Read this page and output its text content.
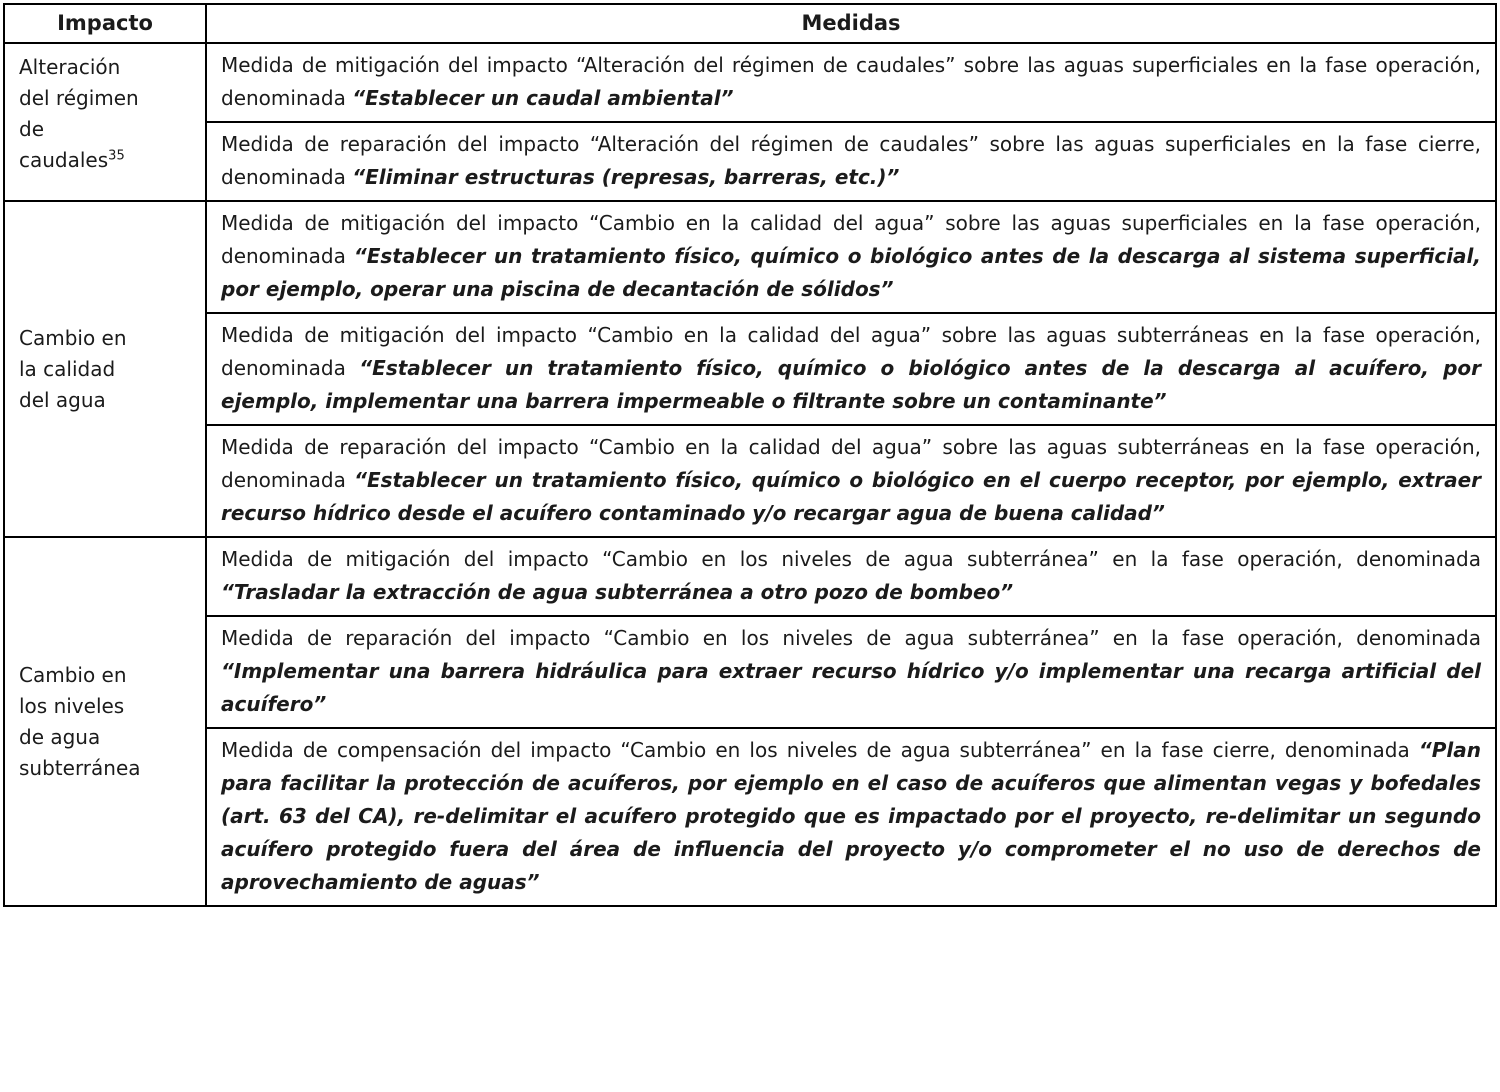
Impacto	Medidas

Alteración del régimen de caudales$^{35}$	Medida de mitigación del impacto “Alteración del régimen de caudales” sobre las aguas superficiales en la fase operación, denominada “Establecer un caudal ambiental”
	Medida de reparación del impacto “Alteración del régimen de caudales” sobre las aguas superficiales en la fase cierre, denominada “Eliminar estructuras (represas, barreras, etc.)”

Cambio en la calidad del agua	Medida de mitigación del impacto “Cambio en la calidad del agua” sobre las aguas superficiales en la fase operación, denominada “Establecer un tratamiento físico, químico o biológico antes de la descarga al sistema superficial, por ejemplo, operar una piscina de decantación de sólidos”
	Medida de mitigación del impacto “Cambio en la calidad del agua” sobre las aguas subterráneas en la fase operación, denominada “Establecer un tratamiento físico, químico o biológico antes de la descarga al acuífero, por ejemplo, implementar una barrera impermeable o filtrante sobre un contaminante”
	Medida de reparación del impacto “Cambio en la calidad del agua” sobre las aguas subterráneas en la fase operación, denominada “Establecer un tratamiento físico, químico o biológico en el cuerpo receptor, por ejemplo, extraer recurso hídrico desde el acuífero contaminado y/o recargar agua de buena calidad”

Cambio en los niveles de agua subterránea	Medida de mitigación del impacto “Cambio en los niveles de agua subterránea” en la fase operación, denominada “Trasladar la extracción de agua subterránea a otro pozo de bombeo”
	Medida de reparación del impacto “Cambio en los niveles de agua subterránea” en la fase operación, denominada “Implementar una barrera hidráulica para extraer recurso hídrico y/o implementar una recarga artificial del acuífero”
	Medida de compensación del impacto “Cambio en los niveles de agua subterránea” en la fase cierre, denominada “Plan para facilitar la protección de acuíferos, por ejemplo en el caso de acuíferos que alimentan vegas y bofedales (art. 63 del CA), re-delimitar el acuífero protegido que es impactado por el proyecto, re-delimitar un segundo acuífero protegido fuera del área de influencia del proyecto y/o comprometer el no uso de derechos de aprovechamiento de aguas”
